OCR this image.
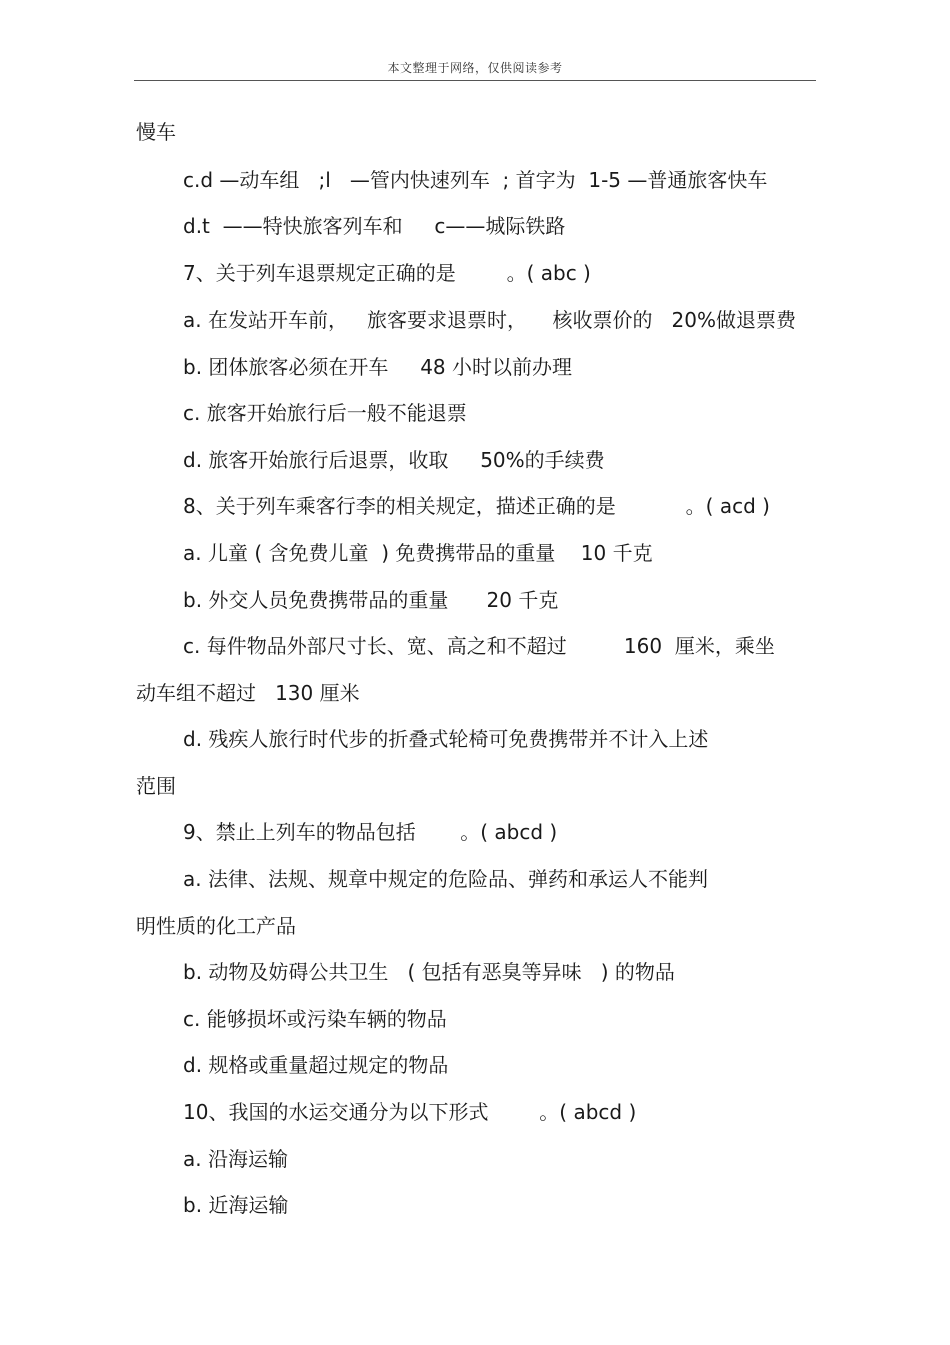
本文整理于网络，仅供阅读参考
慢车
c.d —动车组   ;l   —管内快速列车  ; 首字为  1-5 —普通旅客快车
d.t  ——特快旅客列车和     c——城际铁路
7、关于列车退票规定正确的是        。( abc )
a. 在发站开车前，   旅客要求退票时，    核收票价的   20%做退票费
b. 团体旅客必须在开车     48 小时以前办理
c. 旅客开始旅行后一般不能退票
d. 旅客开始旅行后退票，收取     50%的手续费
8、关于列车乘客行李的相关规定，描述正确的是           。( acd )
a. 儿童 ( 含免费儿童  ) 免费携带品的重量    10 千克
b. 外交人员免费携带品的重量      20 千克
c. 每件物品外部尺寸长、宽、高之和不超过         160  厘米，乘坐
动车组不超过   130 厘米
d. 残疾人旅行时代步的折叠式轮椅可免费携带并不计入上述
范围
9、禁止上列车的物品包括       。( abcd )
a. 法律、法规、规章中规定的危险品、弹药和承运人不能判
明性质的化工产品
b. 动物及妨碍公共卫生   ( 包括有恶臭等异味   ) 的物品
c. 能够损坏或污染车辆的物品
d. 规格或重量超过规定的物品
10、我国的水运交通分为以下形式        。( abcd )
a. 沿海运输
b. 近海运输
